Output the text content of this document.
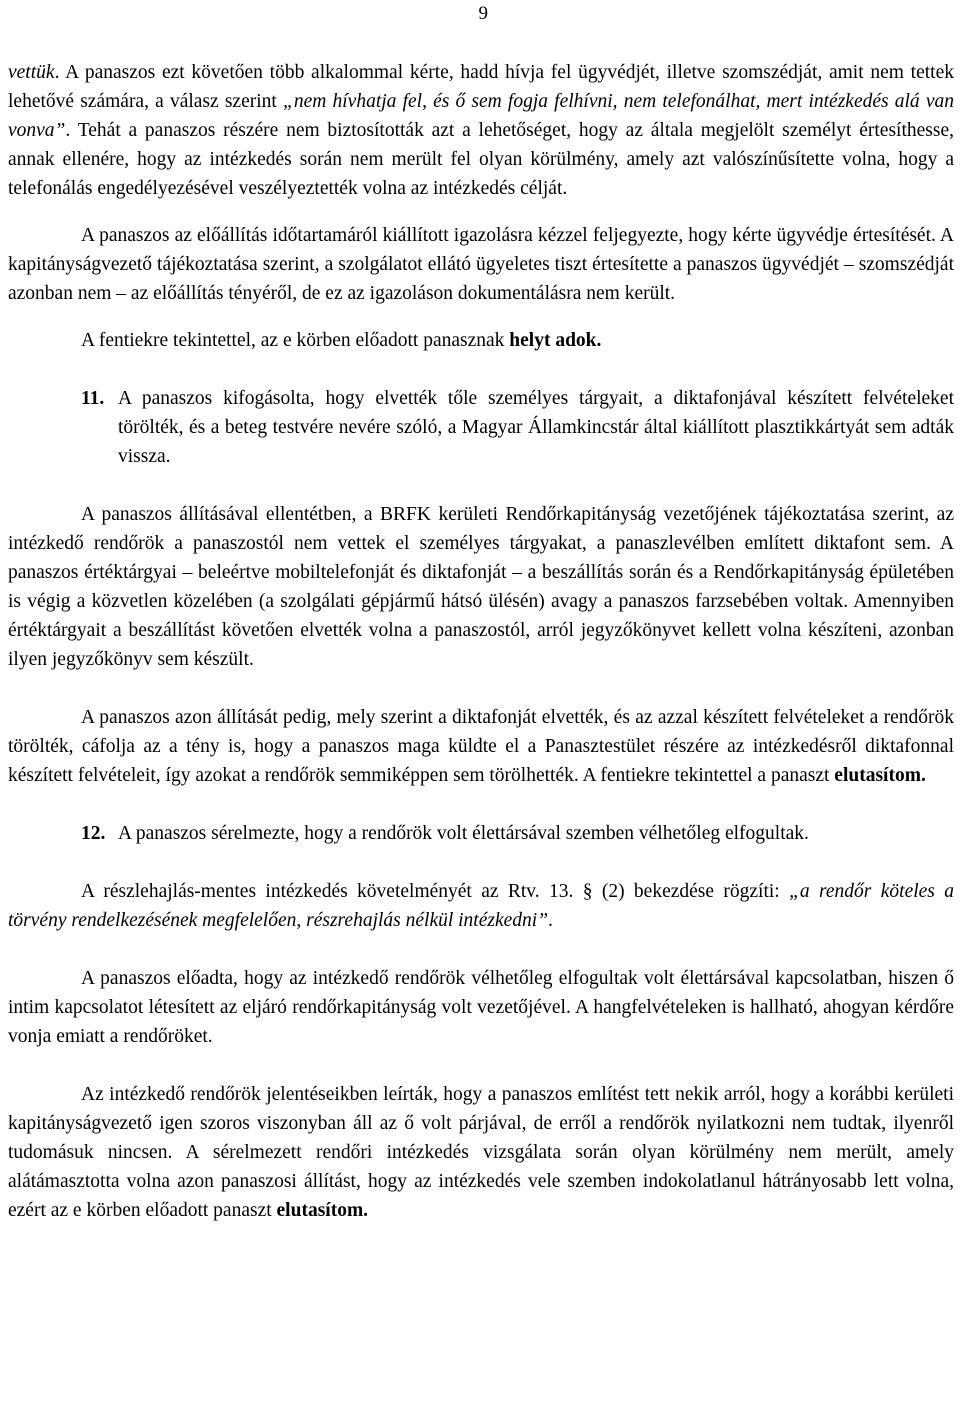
9

vettük. A panaszos ezt követően több alkalommal kérte, hadd hívja fel ügyvédjét, illetve szomszédját, amit nem tettek lehetővé számára, a válasz szerint „nem hívhatja fel, és ő sem fogja felhívni, nem telefonálhat, mert intézkedés alá van vonva”. Tehát a panaszos részére nem biztosították azt a lehetőséget, hogy az általa megjelölt személyt értesíthesse, annak ellenére, hogy az intézkedés során nem merült fel olyan körülmény, amely azt valószínűsítette volna, hogy a telefonálás engedélyezésével veszélyeztették volna az intézkedés célját.

A panaszos az előállítás időtartamáról kiállított igazolásra kézzel feljegyezte, hogy kérte ügyvédje értesítését. A kapitányságvezető tájékoztatása szerint, a szolgálatot ellátó ügyeletes tiszt értesítette a panaszos ügyvédjét – szomszédját azonban nem – az előállítás tényéről, de ez az igazoláson dokumentálásra nem került.

A fentiekre tekintettel, az e körben előadott panasznak helyt adok.

11. A panaszos kifogásolta, hogy elvették tőle személyes tárgyait, a diktafonjával készített felvételeket törölték, és a beteg testvére nevére szóló, a Magyar Államkincstár által kiállított plasztikkártyát sem adták vissza.

A panaszos állításával ellentétben, a BRFK kerületi Rendőrkapitányság vezetőjének tájékoztatása szerint, az intézkedő rendőrök a panaszostól nem vettek el személyes tárgyakat, a panaszlevélben említett diktafont sem. A panaszos értéktárgyai – beleértve mobiltelefonját és diktafonját – a beszállítás során és a Rendőrkapitányság épületében is végig a közvetlen közelében (a szolgálati gépjármű hátsó ülésén) avagy a panaszos farzsebében voltak. Amennyiben értéktárgyait a beszállítást követően elvették volna a panaszostól, arról jegyzőkönyvet kellett volna készíteni, azonban ilyen jegyzőkönyv sem készült.

A panaszos azon állítását pedig, mely szerint a diktafonját elvették, és az azzal készített felvételeket a rendőrök törölték, cáfolja az a tény is, hogy a panaszos maga küldte el a Panasztestület részére az intézkedésről diktafonnal készített felvételeit, így azokat a rendőrök semmiképpen sem törölhették. A fentiekre tekintettel a panaszt elutasítom.

12. A panaszos sérelmezte, hogy a rendőrök volt élettársával szemben vélhetőleg elfogultak.

A részlehajlás-mentes intézkedés követelményét az Rtv. 13. § (2) bekezdése rögzíti: „a rendőr köteles a törvény rendelkezésének megfelelően, részrehajlás nélkül intézkedni”.

A panaszos előadta, hogy az intézkedő rendőrök vélhetőleg elfogultak volt élettársával kapcsolatban, hiszen ő intim kapcsolatot létesített az eljáró rendőrkapitányság volt vezetőjével. A hangfelvételeken is hallható, ahogyan kérdőre vonja emiatt a rendőröket.

Az intézkedő rendőrök jelentéseikben leírták, hogy a panaszos említést tett nekik arról, hogy a korábbi kerületi kapitányságvezető igen szoros viszonyban áll az ő volt párjával, de erről a rendőrök nyilatkozni nem tudtak, ilyenről tudomásuk nincsen. A sérelmezett rendőri intézkedés vizsgálata során olyan körülmény nem merült, amely alátámasztotta volna azon panaszosi állítást, hogy az intézkedés vele szemben indokolatlanul hátrányosabb lett volna, ezért az e körben előadott panaszt elutasítom.
